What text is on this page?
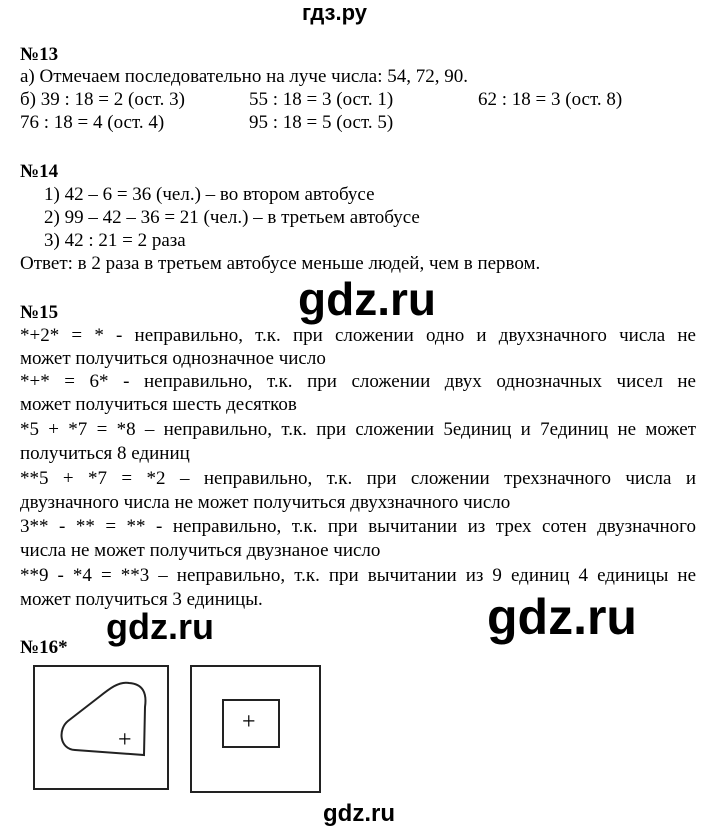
гдз.ру
№13
а) Отмечаем последовательно на луче числа: 54, 72, 90.
б) 39 : 18 = 2 (ост. 3)	55 : 18 = 3 (ост. 1)	62 : 18 = 3 (ост. 8)
76 : 18 = 4 (ост. 4)	95 : 18 = 5 (ост. 5)
№14
1) 42 – 6 = 36 (чел.) – во втором автобусе
2) 99 – 42 – 36 = 21 (чел.) – в третьем автобусе
3) 42 : 21 = 2 раза
Ответ: в 2 раза в третьем автобусе меньше людей, чем в первом.
gdz.ru
№15
*+2* = * - неправильно, т.к. при сложении одно и двухзначного числа не
может получиться однозначное число
*+* = 6* - неправильно, т.к. при сложении двух однозначных чисел не
может получиться шесть десятков
*5 + *7 = *8 – неправильно, т.к. при сложении 5единиц и 7единиц не может
получиться 8 единиц
**5 + *7 = *2 – неправильно, т.к. при сложении трехзначного числа и
двузначного числа не может получиться двухзначного число
3** - ** = ** - неправильно, т.к. при вычитании из трех сотен двузначного
числа не может получиться двузнаное число
**9 - *4 = **3 – неправильно, т.к. при вычитании из 9 единиц 4 единицы не
может получиться 3 единицы.
gdz.ru	gdz.ru
№16*
+
+
gdz.ru
